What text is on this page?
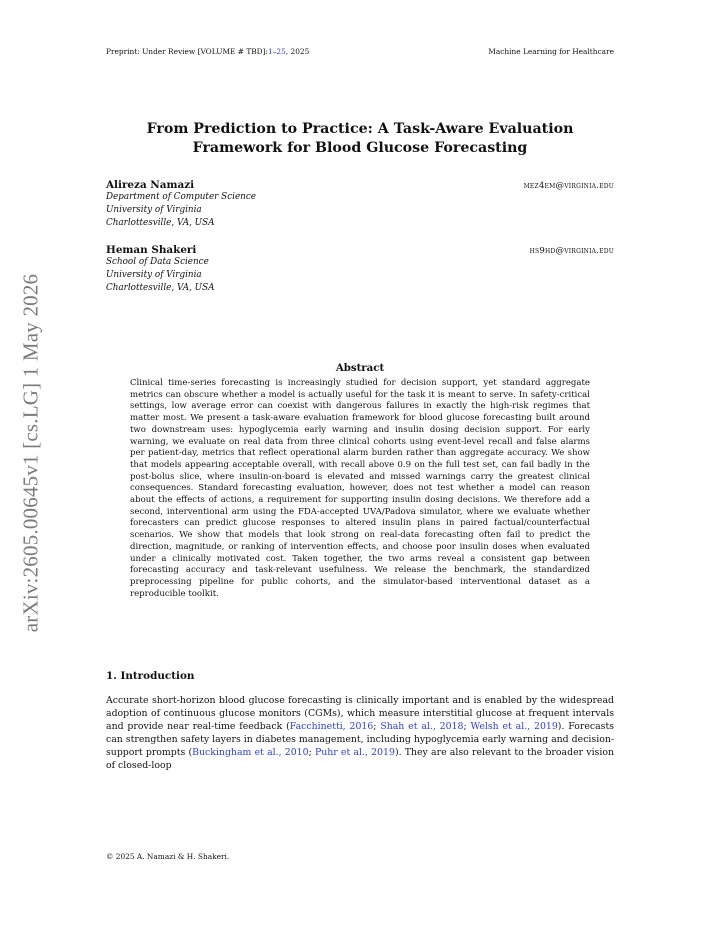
Preprint: Under Review [VOLUME # TBD]:1–25, 2025	Machine Learning for Healthcare
arXiv:2605.00645v1 [cs.LG] 1 May 2026
From Prediction to Practice: A Task-Aware Evaluation Framework for Blood Glucose Forecasting
Alireza Namazi	mez4em@virginia.edu
Department of Computer Science
University of Virginia
Charlottesville, VA, USA
Heman Shakeri	hs9hd@virginia.edu
School of Data Science
University of Virginia
Charlottesville, VA, USA
Abstract

Clinical time-series forecasting is increasingly studied for decision support, yet standard aggregate metrics can obscure whether a model is actually useful for the task it is meant to serve. In safety-critical settings, low average error can coexist with dangerous failures in exactly the high-risk regimes that matter most. We present a task-aware evaluation framework for blood glucose forecasting built around two downstream uses: hypoglycemia early warning and insulin dosing decision support. For early warning, we evaluate on real data from three clinical cohorts using event-level recall and false alarms per patient-day, metrics that reflect operational alarm burden rather than aggregate accuracy. We show that models appearing acceptable overall, with recall above 0.9 on the full test set, can fail badly in the post-bolus slice, where insulin-on-board is elevated and missed warnings carry the greatest clinical consequences. Standard forecasting evaluation, however, does not test whether a model can reason about the effects of actions, a requirement for supporting insulin dosing decisions. We therefore add a second, interventional arm using the FDA-accepted UVA/Padova simulator, where we evaluate whether forecasters can predict glucose responses to altered insulin plans in paired factual/counterfactual scenarios. We show that models that look strong on real-data forecasting often fail to predict the direction, magnitude, or ranking of intervention effects, and choose poor insulin doses when evaluated under a clinically motivated cost. Taken together, the two arms reveal a consistent gap between forecasting accuracy and task-relevant usefulness. We release the benchmark, the standardized preprocessing pipeline for public cohorts, and the simulator-based interventional dataset as a reproducible toolkit.

1. Introduction

Accurate short-horizon blood glucose forecasting is clinically important and is enabled by the widespread adoption of continuous glucose monitors (CGMs), which measure interstitial glucose at frequent intervals and provide near real-time feedback (Facchinetti, 2016; Shah et al., 2018; Welsh et al., 2019). Forecasts can strengthen safety layers in diabetes management, including hypoglycemia early warning and decision-support prompts (Buckingham et al., 2010; Puhr et al., 2019). They are also relevant to the broader vision of closed-loop

© 2025 A. Namazi & H. Shakeri.
